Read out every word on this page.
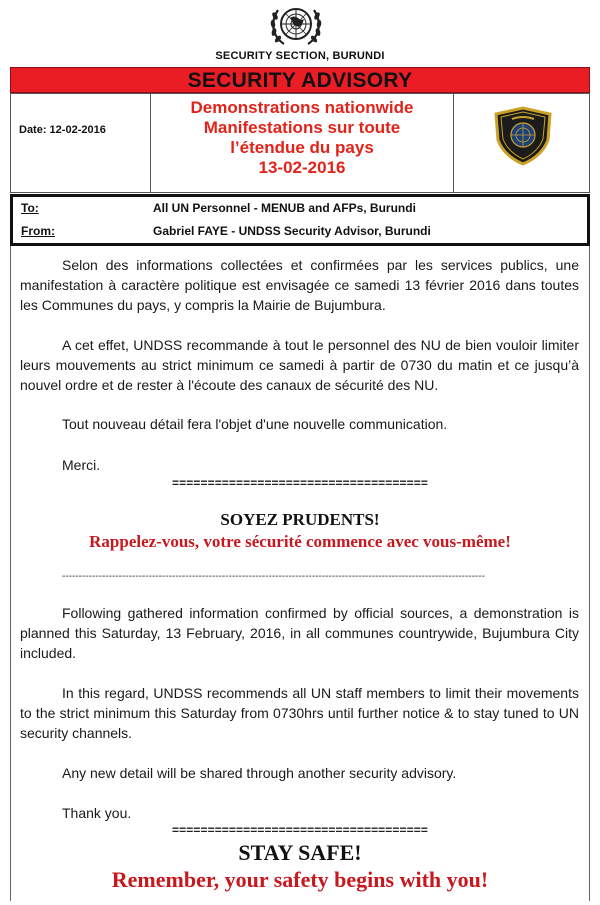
SECURITY SECTION, BURUNDI
SECURITY ADVISORY
Date: 12-02-2016
Demonstrations nationwide
Manifestations sur toute
l’étendue du pays
13-02-2016
To:	All UN Personnel - MENUB and AFPs, Burundi
From:	Gabriel FAYE - UNDSS Security Advisor, Burundi
Selon des informations collectées et confirmées par les services publics, une manifestation à caractère politique est envisagée ce samedi 13 février 2016 dans toutes les Communes du pays, y compris la Mairie de Bujumbura.
A cet effet, UNDSS recommande à tout le personnel des NU de bien vouloir limiter leurs mouvements au strict minimum ce samedi à partir de 0730 du matin et ce jusqu’à nouvel ordre et de rester à l'écoute des canaux de sécurité des NU.
Tout nouveau détail fera l'objet d'une nouvelle communication.
Merci.
====================================
SOYEZ PRUDENTS!
Rappelez-vous, votre sécurité commence avec vous-même!
-------------------------------------------------------------------------------------------------------------------------------
Following gathered information confirmed by official sources, a demonstration is planned this Saturday, 13 February, 2016, in all communes countrywide, Bujumbura City included.
In this regard, UNDSS recommends all UN staff members to limit their movements to the strict minimum this Saturday from 0730hrs until further notice & to stay tuned to UN security channels.
Any new detail will be shared through another security advisory.
Thank you.
====================================
STAY SAFE!
Remember, your safety begins with you!
